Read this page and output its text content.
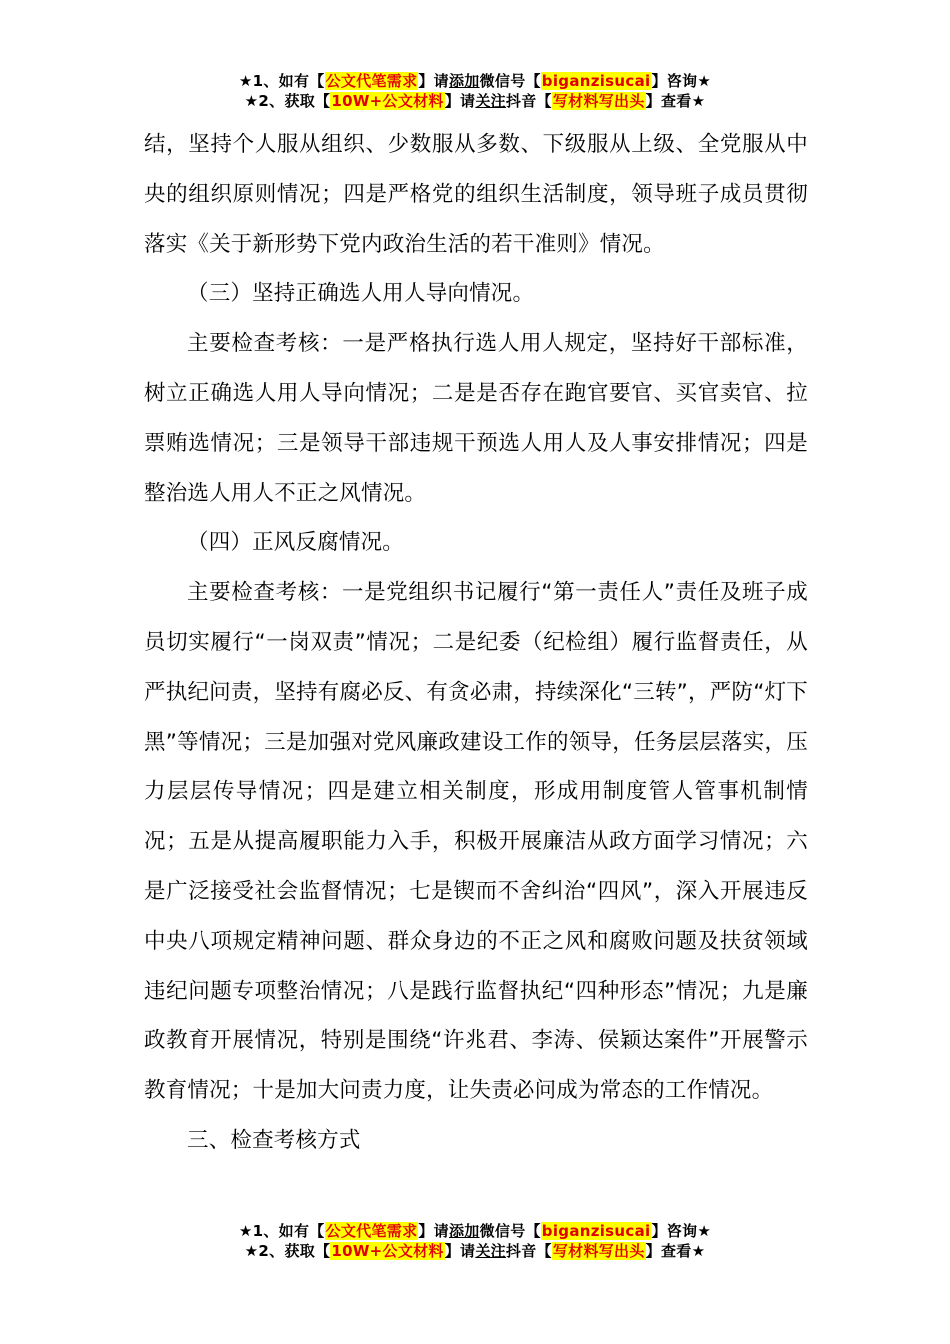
★1、如有【公文代笔需求】请添加微信号【biganzisucai】咨询★
★2、获取【10W+公文材料】请关注抖音【写材料写出头】查看★

结，坚持个人服从组织、少数服从多数、下级服从上级、全党服从中央的组织原则情况；四是严格党的组织生活制度，领导班子成员贯彻落实《关于新形势下党内政治生活的若干准则》情况。

（三）坚持正确选人用人导向情况。

主要检查考核：一是严格执行选人用人规定，坚持好干部标准，树立正确选人用人导向情况；二是是否存在跑官要官、买官卖官、拉票贿选情况；三是领导干部违规干预选人用人及人事安排情况；四是整治选人用人不正之风情况。

（四）正风反腐情况。

主要检查考核：一是党组织书记履行“第一责任人”责任及班子成员切实履行“一岗双责”情况；二是纪委（纪检组）履行监督责任，从严执纪问责，坚持有腐必反、有贪必肃，持续深化“三转”，严防“灯下黑”等情况；三是加强对党风廉政建设工作的领导，任务层层落实，压力层层传导情况；四是建立相关制度，形成用制度管人管事机制情况；五是从提高履职能力入手，积极开展廉洁从政方面学习情况；六是广泛接受社会监督情况；七是锲而不舍纠治“四风”，深入开展违反中央八项规定精神问题、群众身边的不正之风和腐败问题及扶贫领域违纪问题专项整治情况；八是践行监督执纪“四种形态”情况；九是廉政教育开展情况，特别是围绕“许兆君、李涛、侯颖达案件”开展警示教育情况；十是加大问责力度，让失责必问成为常态的工作情况。

三、检查考核方式

★1、如有【公文代笔需求】请添加微信号【biganzisucai】咨询★
★2、获取【10W+公文材料】请关注抖音【写材料写出头】查看★
